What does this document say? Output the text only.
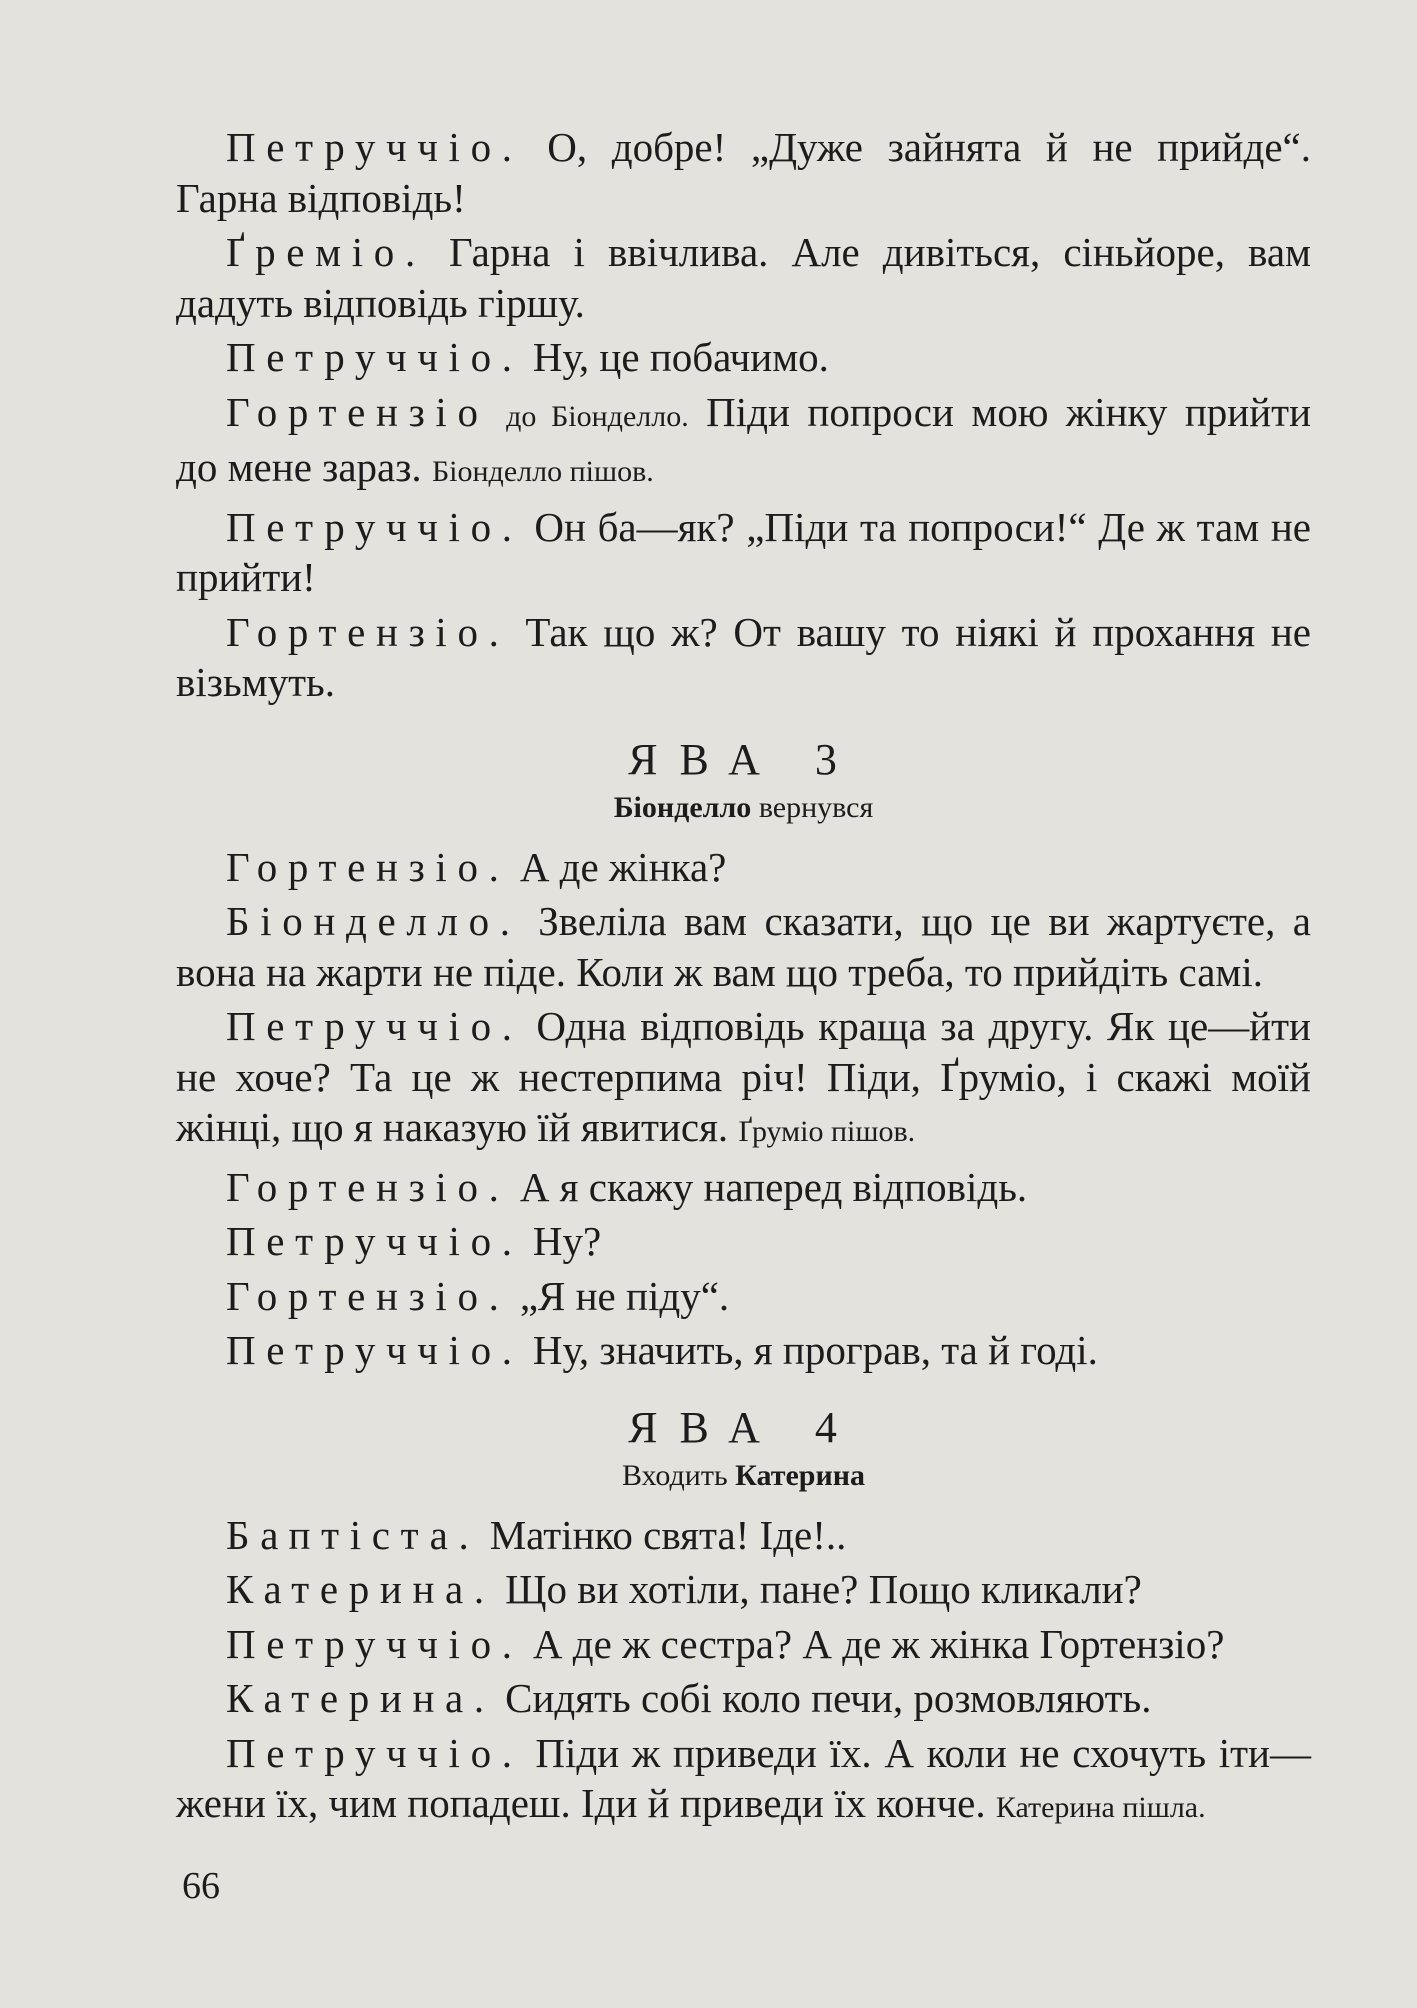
Петруччіо. О, добре! „Дуже зайнята й не прийде“. Гарна відповідь!

Ґреміо. Гарна і ввічлива. Але дивіться, сіньйоре, вам дадуть відповідь гіршу.

Петруччіо. Ну, це побачимо.

Гортензіо до Біонделло. Піди попроси мою жінку прийти до мене зараз. Біонделло пішов.

Петруччіо. Он ба—як? „Піди та попроси!“ Де ж там не прийти!

Гортензіо. Так що ж? От вашу то ніякі й прохання не візьмуть.

ЯВА 3
Біонделло вернувся

Гортензіо. А де жінка?

Біонделло. Звеліла вам сказати, що це ви жартуєте, а вона на жарти не піде. Коли ж вам що треба, то прийдіть самі.

Петруччіо. Одна відповідь краща за другу. Як це—йти не хоче? Та це ж нестерпима річ! Піди, Ґруміо, і скажі моїй жінці, що я наказую їй явитися. Ґруміо пішов.

Гортензіо. А я скажу наперед відповідь.

Петруччіо. Ну?

Гортензіо. „Я не піду“.

Петруччіо. Ну, значить, я програв, та й годі.

ЯВА 4
Входить Катерина

Баптіста. Матінко свята! Іде!..

Катерина. Що ви хотіли, пане? Пощо кликали?

Петруччіо. А де ж сестра? А де ж жінка Гортензіо?

Катерина. Сидять собі коло печи, розмовляють.

Петруччіо. Піди ж приведи їх. А коли не схочуть іти—жени їх, чим попадеш. Іди й приведи їх конче. Катерина пішла.

66
